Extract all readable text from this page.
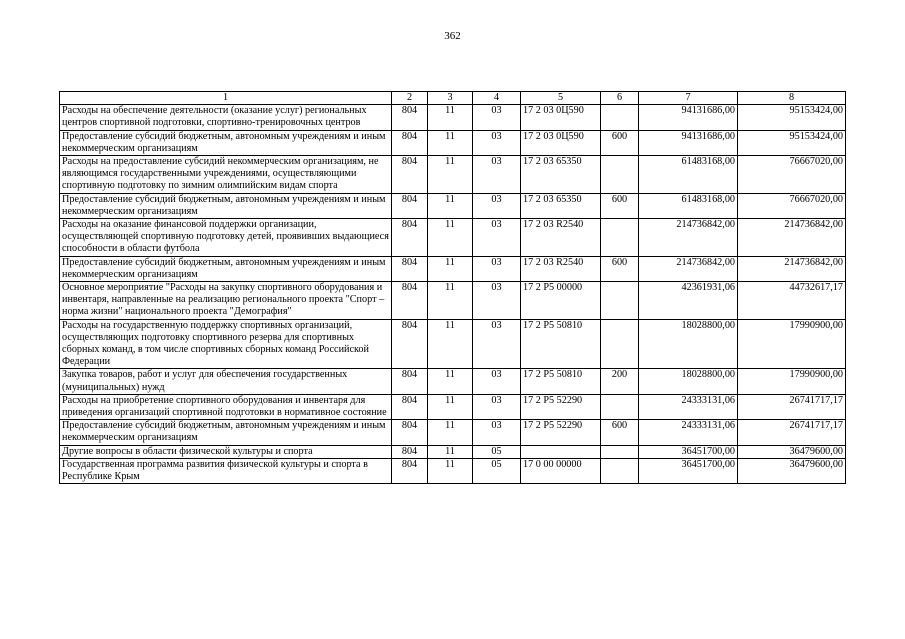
362
1	2	3	4	5	6	7	8
Расходы на обеспечение деятельности (оказание услуг) региональных центров спортивной подготовки, спортивно-тренировочных центров	804	11	03	17 2 03 0Ц590		94131686,00	95153424,00
Предоставление субсидий бюджетным, автономным учреждениям и иным некоммерческим организациям	804	11	03	17 2 03 0Ц590	600	94131686,00	95153424,00
Расходы на предоставление субсидий некоммерческим организациям, не являющимся государственными учреждениями, осуществляющими спортивную подготовку по зимним олимпийским видам спорта	804	11	03	17 2 03 65350		61483168,00	76667020,00
Предоставление субсидий бюджетным, автономным учреждениям и иным некоммерческим организациям	804	11	03	17 2 03 65350	600	61483168,00	76667020,00
Расходы на оказание финансовой поддержки организации, осуществляющей спортивную подготовку детей, проявивших выдающиеся способности в области футбола	804	11	03	17 2 03 R2540		214736842,00	214736842,00
Предоставление субсидий бюджетным, автономным учреждениям и иным некоммерческим организациям	804	11	03	17 2 03 R2540	600	214736842,00	214736842,00
Основное мероприятие "Расходы на закупку спортивного оборудования и инвентаря, направленные на реализацию регионального проекта "Спорт – норма жизни" национального проекта "Демография"	804	11	03	17 2 P5 00000		42361931,06	44732617,17
Расходы на государственную поддержку спортивных организаций, осуществляющих подготовку спортивного резерва для спортивных сборных команд, в том числе спортивных сборных команд Российской Федерации	804	11	03	17 2 P5 50810		18028800,00	17990900,00
Закупка товаров, работ и услуг для обеспечения государственных (муниципальных) нужд	804	11	03	17 2 P5 50810	200	18028800,00	17990900,00
Расходы на приобретение спортивного оборудования и инвентаря для приведения организаций спортивной подготовки в нормативное состояние	804	11	03	17 2 P5 52290		24333131,06	26741717,17
Предоставление субсидий бюджетным, автономным учреждениям и иным некоммерческим организациям	804	11	03	17 2 P5 52290	600	24333131,06	26741717,17
Другие вопросы в области физической культуры и спорта	804	11	05			36451700,00	36479600,00
Государственная программа развития физической культуры и спорта в Республике Крым	804	11	05	17 0 00 00000		36451700,00	36479600,00
